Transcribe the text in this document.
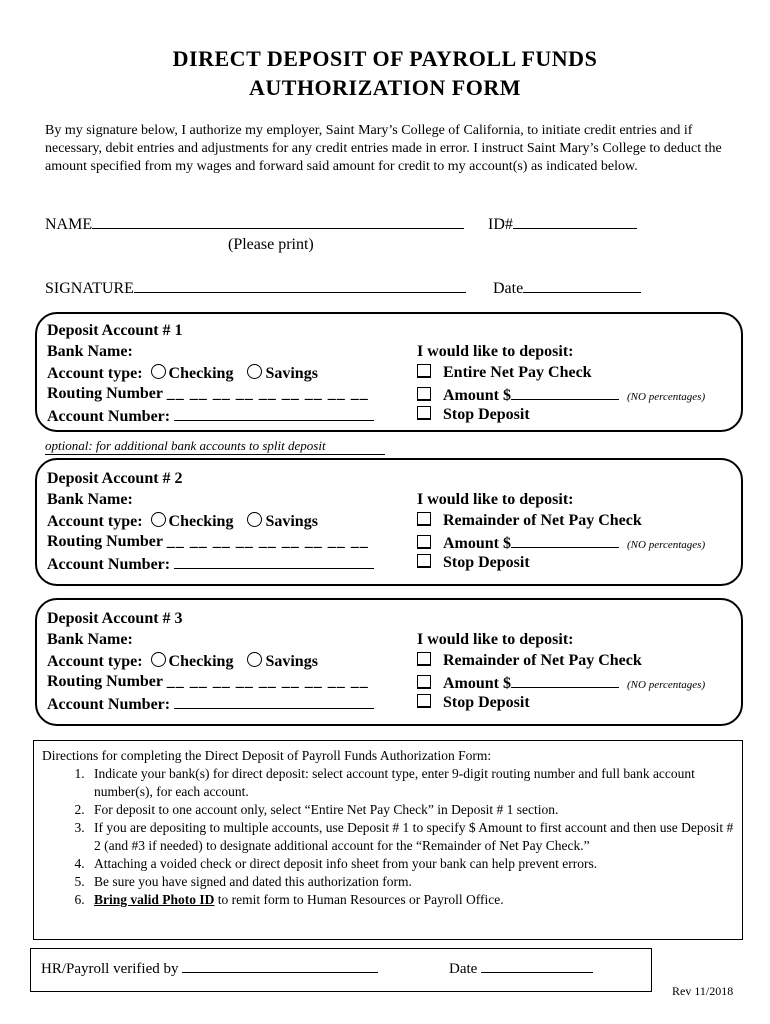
DIRECT DEPOSIT OF PAYROLL FUNDS
AUTHORIZATION FORM
By my signature below, I authorize my employer, Saint Mary’s College of California, to initiate credit entries and if necessary, debit entries and adjustments for any credit entries made in error. I instruct Saint Mary’s College to deduct the amount specified from my wages and forward said amount for credit to my account(s) as indicated below.
NAME	ID#
(Please print)
SIGNATURE	Date
Deposit Account # 1
Bank Name:
Account type: Checking Savings
Routing Number __ __ __ __ __ __ __ __ __
Account Number:
I would like to deposit:
Entire Net Pay Check
Amount $	(NO percentages)
Stop Deposit
optional: for additional bank accounts to split deposit
Deposit Account # 2
Bank Name:
Account type: Checking Savings
Routing Number __ __ __ __ __ __ __ __ __
Account Number:
I would like to deposit:
Remainder of Net Pay Check
Amount $	(NO percentages)
Stop Deposit
Deposit Account # 3
Bank Name:
Account type: Checking Savings
Routing Number __ __ __ __ __ __ __ __ __
Account Number:
I would like to deposit:
Remainder of Net Pay Check
Amount $	(NO percentages)
Stop Deposit
Directions for completing the Direct Deposit of Payroll Funds Authorization Form:
1. Indicate your bank(s) for direct deposit: select account type, enter 9-digit routing number and full bank account number(s), for each account.
2. For deposit to one account only, select “Entire Net Pay Check” in Deposit # 1 section.
3. If you are depositing to multiple accounts, use Deposit # 1 to specify $ Amount to first account and then use Deposit # 2 (and #3 if needed) to designate additional account for the “Remainder of Net Pay Check.”
4. Attaching a voided check or direct deposit info sheet from your bank can help prevent errors.
5. Be sure you have signed and dated this authorization form.
6. Bring valid Photo ID to remit form to Human Resources or Payroll Office.
HR/Payroll verified by	Date
Rev 11/2018
